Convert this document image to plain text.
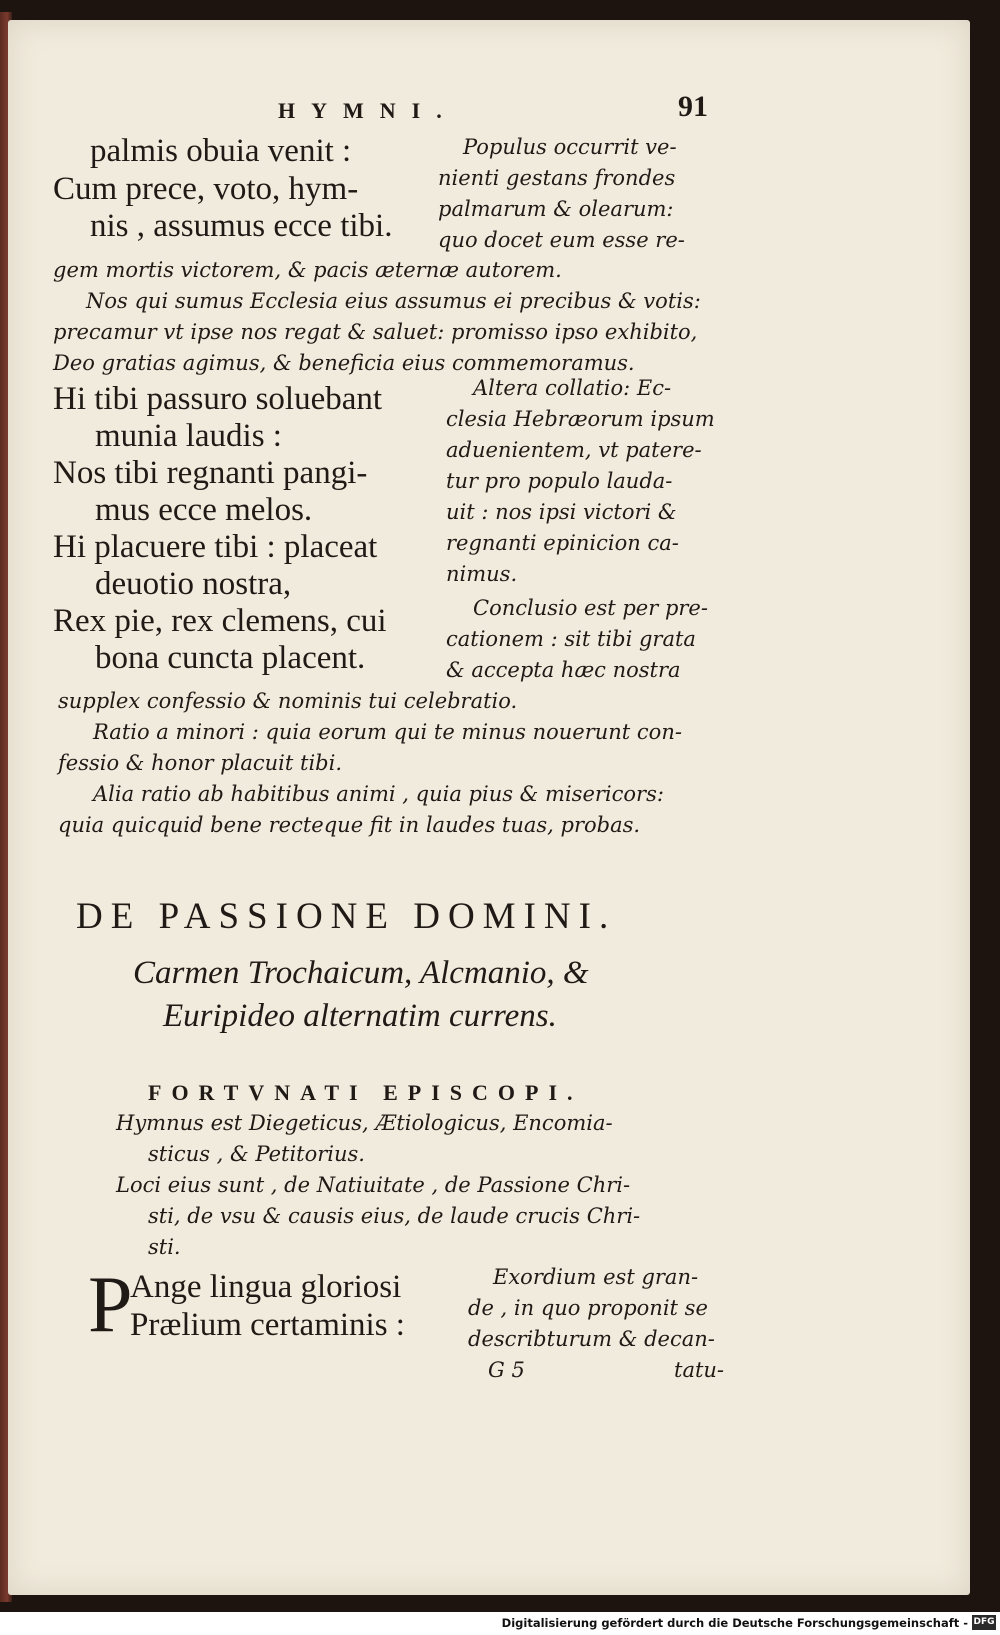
HYMNI.	91
palmis obuia venit :
Cum prece, voto, hym-
nis , assumus ecce tibi.
Populus occurrit ve-
nienti gestans frondes
palmarum & olearum:
quo docet eum esse re-
gem mortis victorem, & pacis æternæ autorem.
Nos qui sumus Ecclesia eius assumus ei precibus & votis:
precamur vt ipse nos regat & saluet: promisso ipso exhibito,
Deo gratias agimus, & beneficia eius commemoramus.
Hi tibi passuro soluebant
munia laudis :
Nos tibi regnanti pangi-
mus ecce melos.
Hi placuere tibi : placeat
deuotio nostra,
Rex pie, rex clemens, cui
bona cuncta placent.
Altera collatio: Ec-
clesia Hebræorum ipsum
aduenientem, vt patere-
tur pro populo lauda-
uit : nos ipsi victori &
regnanti epinicion ca-
nimus.
Conclusio est per pre-
cationem : sit tibi grata
& accepta hæc nostra
supplex confessio & nominis tui celebratio.
Ratio a minori : quia eorum qui te minus nouerunt con-
fessio & honor placuit tibi.
Alia ratio ab habitibus animi , quia pius & misericors:
quia quicquid bene recteque fit in laudes tuas, probas.
DE PASSIONE DOMINI.
Carmen Trochaicum, Alcmanio, &
Euripideo alternatim currens.
FORTVNATI EPISCOPI.
Hymnus est Diegeticus, Ætiologicus, Encomia-
sticus , & Petitorius.
Loci eius sunt , de Natiuitate , de Passione Chri-
sti, de vsu & causis eius, de laude crucis Chri-
sti.
P
Ange lingua gloriosi
Prælium certaminis :
Exordium est gran-
de , in quo proponit se
describturum & decan-
G 5	tatu-
Digitalisierung gefördert durch die Deutsche Forschungsgemeinschaft - DFG
